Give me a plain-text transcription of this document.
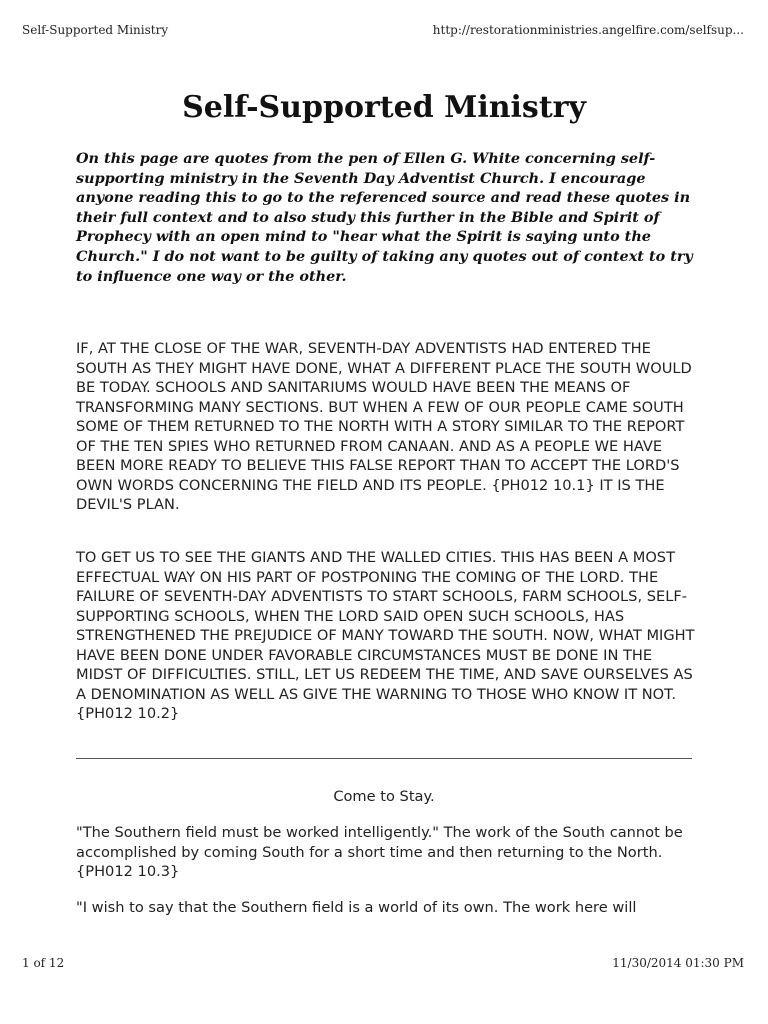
Self-Supported Ministry	http://restorationministries.angelfire.com/selfsup...
Self-Supported Ministry

On this page are quotes from the pen of Ellen G. White concerning self-supporting ministry in the Seventh Day Adventist Church. I encourage anyone reading this to go to the referenced source and read these quotes in their full context and to also study this further in the Bible and Spirit of Prophecy with an open mind to "hear what the Spirit is saying unto the Church." I do not want to be guilty of taking any quotes out of context to try to influence one way or the other.

IF, AT THE CLOSE OF THE WAR, SEVENTH-DAY ADVENTISTS HAD ENTERED THE SOUTH AS THEY MIGHT HAVE DONE, WHAT A DIFFERENT PLACE THE SOUTH WOULD BE TODAY. SCHOOLS AND SANITARIUMS WOULD HAVE BEEN THE MEANS OF TRANSFORMING MANY SECTIONS. BUT WHEN A FEW OF OUR PEOPLE CAME SOUTH SOME OF THEM RETURNED TO THE NORTH WITH A STORY SIMILAR TO THE REPORT OF THE TEN SPIES WHO RETURNED FROM CANAAN. AND AS A PEOPLE WE HAVE BEEN MORE READY TO BELIEVE THIS FALSE REPORT THAN TO ACCEPT THE LORD'S OWN WORDS CONCERNING THE FIELD AND ITS PEOPLE. {PH012 10.1} IT IS THE DEVIL'S PLAN.

TO GET US TO SEE THE GIANTS AND THE WALLED CITIES. THIS HAS BEEN A MOST EFFECTUAL WAY ON HIS PART OF POSTPONING THE COMING OF THE LORD. THE FAILURE OF SEVENTH-DAY ADVENTISTS TO START SCHOOLS, FARM SCHOOLS, SELF-SUPPORTING SCHOOLS, WHEN THE LORD SAID OPEN SUCH SCHOOLS, HAS STRENGTHENED THE PREJUDICE OF MANY TOWARD THE SOUTH. NOW, WHAT MIGHT HAVE BEEN DONE UNDER FAVORABLE CIRCUMSTANCES MUST BE DONE IN THE MIDST OF DIFFICULTIES. STILL, LET US REDEEM THE TIME, AND SAVE OURSELVES AS A DENOMINATION AS WELL AS GIVE THE WARNING TO THOSE WHO KNOW IT NOT. {PH012 10.2}

Come to Stay.

"The Southern field must be worked intelligently." The work of the South cannot be accomplished by coming South for a short time and then returning to the North. {PH012 10.3}

"I wish to say that the Southern field is a world of its own. The work here will

1 of 12	11/30/2014 01:30 PM
